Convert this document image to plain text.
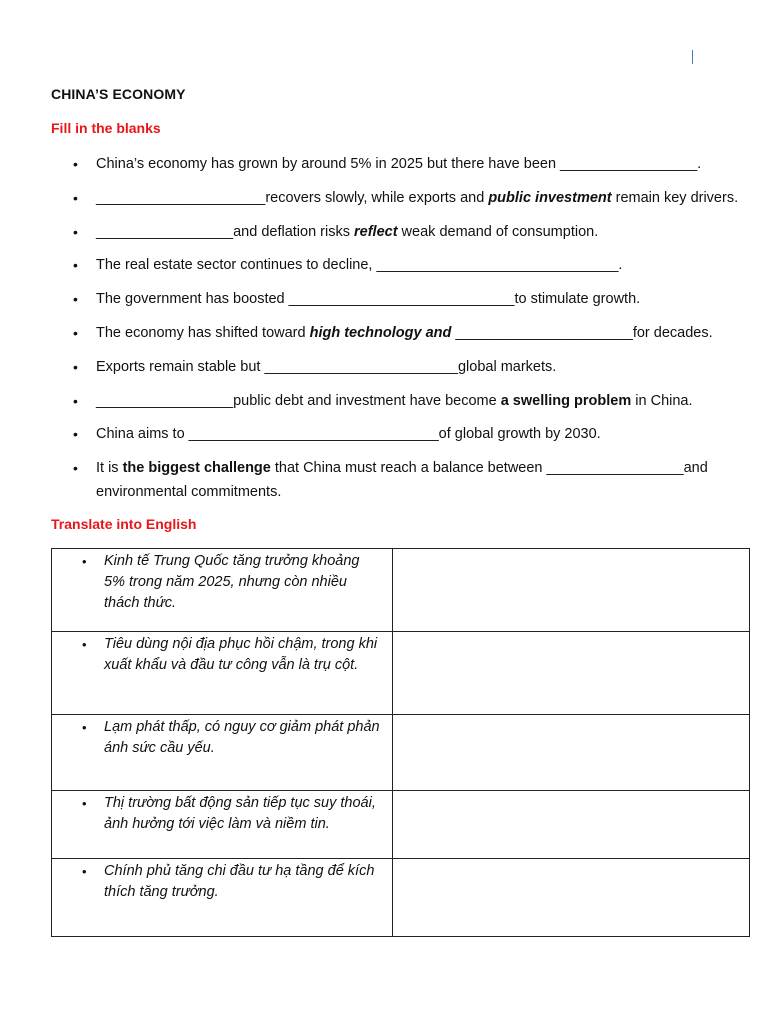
CHINA’S ECONOMY
Fill in the blanks
• China’s economy has grown by around 5% in 2025 but there have been _________________.
• _____________________recovers slowly, while exports and public investment remain key drivers.
• _________________and deflation risks reflect weak demand of consumption.
• The real estate sector continues to decline, ______________________________.
• The government has boosted ____________________________to stimulate growth.
• The economy has shifted toward high technology and ______________________for decades.
• Exports remain stable but ________________________global markets.
• _________________public debt and investment have become a swelling problem in China.
• China aims to _______________________________of global growth by 2030.
• It is the biggest challenge that China must reach a balance between _________________and environmental commitments.
Translate into English
• Kinh tế Trung Quốc tăng trưởng khoảng 5% trong năm 2025, nhưng còn nhiều thách thức.	

• Tiêu dùng nội địa phục hồi chậm, trong khi xuất khẩu và đầu tư công vẫn là trụ cột.	

• Lạm phát thấp, có nguy cơ giảm phát phản ánh sức cầu yếu.	

• Thị trường bất động sản tiếp tục suy thoái, ảnh hưởng tới việc làm và niềm tin.	

• Chính phủ tăng chi đầu tư hạ tầng để kích thích tăng trưởng.	
